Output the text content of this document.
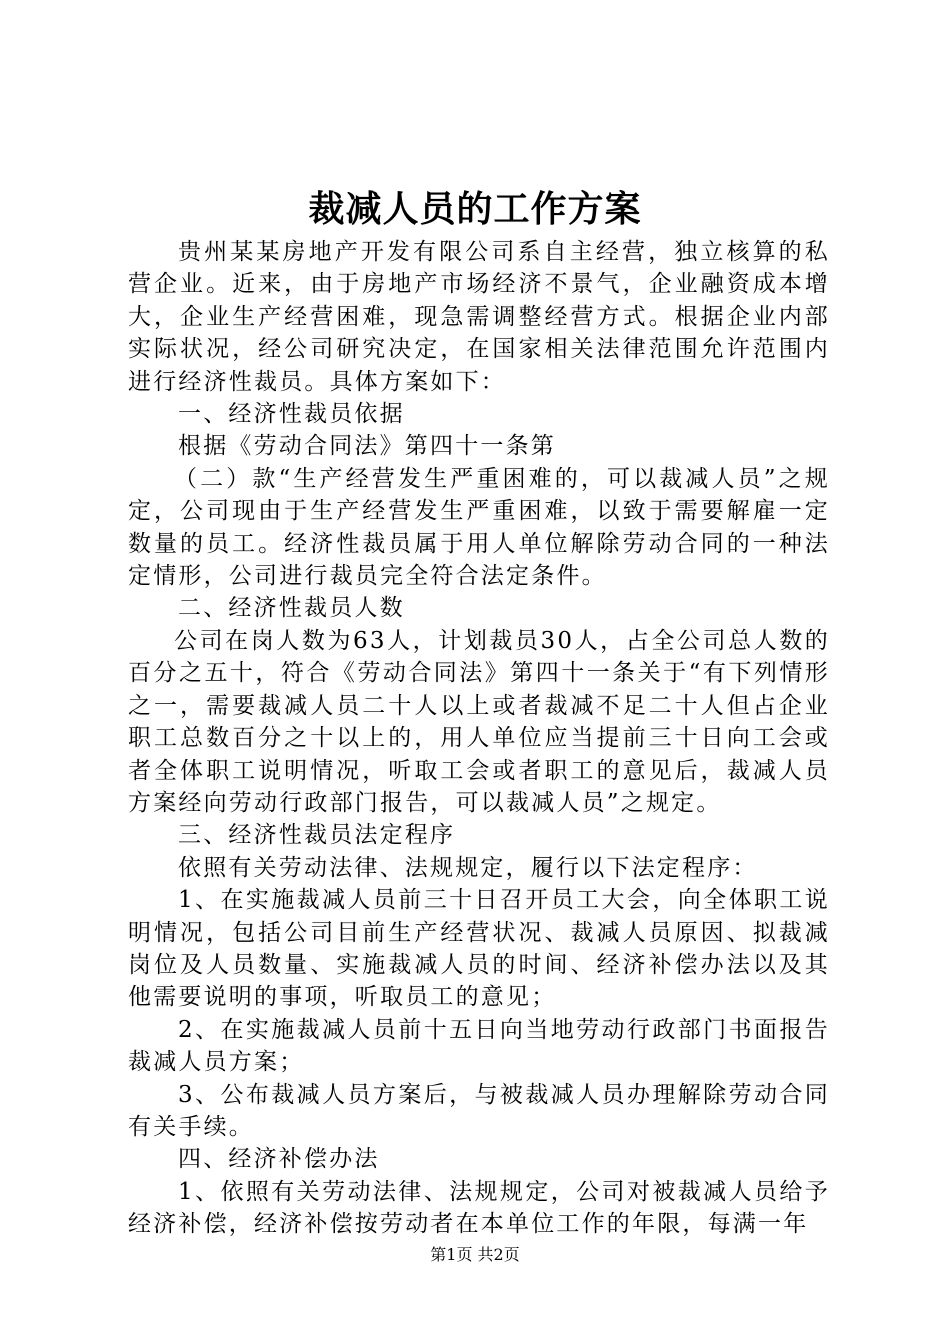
裁减人员的工作方案

贵州某某房地产开发有限公司系自主经营，独立核算的私营企业。近来，由于房地产市场经济不景气，企业融资成本增大，企业生产经营困难，现急需调整经营方式。根据企业内部实际状况，经公司研究决定，在国家相关法律范围允许范围内进行经济性裁员。具体方案如下：

一、经济性裁员依据

根据《劳动合同法》第四十一条第

（二）款“生产经营发生严重困难的，可以裁减人员”之规定，公司现由于生产经营发生严重困难，以致于需要解雇一定数量的员工。经济性裁员属于用人单位解除劳动合同的一种法定情形，公司进行裁员完全符合法定条件。

二、经济性裁员人数

公司在岗人数为63人，计划裁员30人，占全公司总人数的百分之五十，符合《劳动合同法》第四十一条关于“有下列情形之一，需要裁减人员二十人以上或者裁减不足二十人但占企业职工总数百分之十以上的，用人单位应当提前三十日向工会或者全体职工说明情况，听取工会或者职工的意见后，裁减人员方案经向劳动行政部门报告，可以裁减人员”之规定。

三、经济性裁员法定程序

依照有关劳动法律、法规规定，履行以下法定程序：

1、在实施裁减人员前三十日召开员工大会，向全体职工说明情况，包括公司目前生产经营状况、裁减人员原因、拟裁减岗位及人员数量、实施裁减人员的时间、经济补偿办法以及其他需要说明的事项，听取员工的意见；

2、在实施裁减人员前十五日向当地劳动行政部门书面报告裁减人员方案；

3、公布裁减人员方案后，与被裁减人员办理解除劳动合同有关手续。

四、经济补偿办法

1、依照有关劳动法律、法规规定，公司对被裁减人员给予经济补偿，经济补偿按劳动者在本单位工作的年限，每满一年

第1页 共2页
